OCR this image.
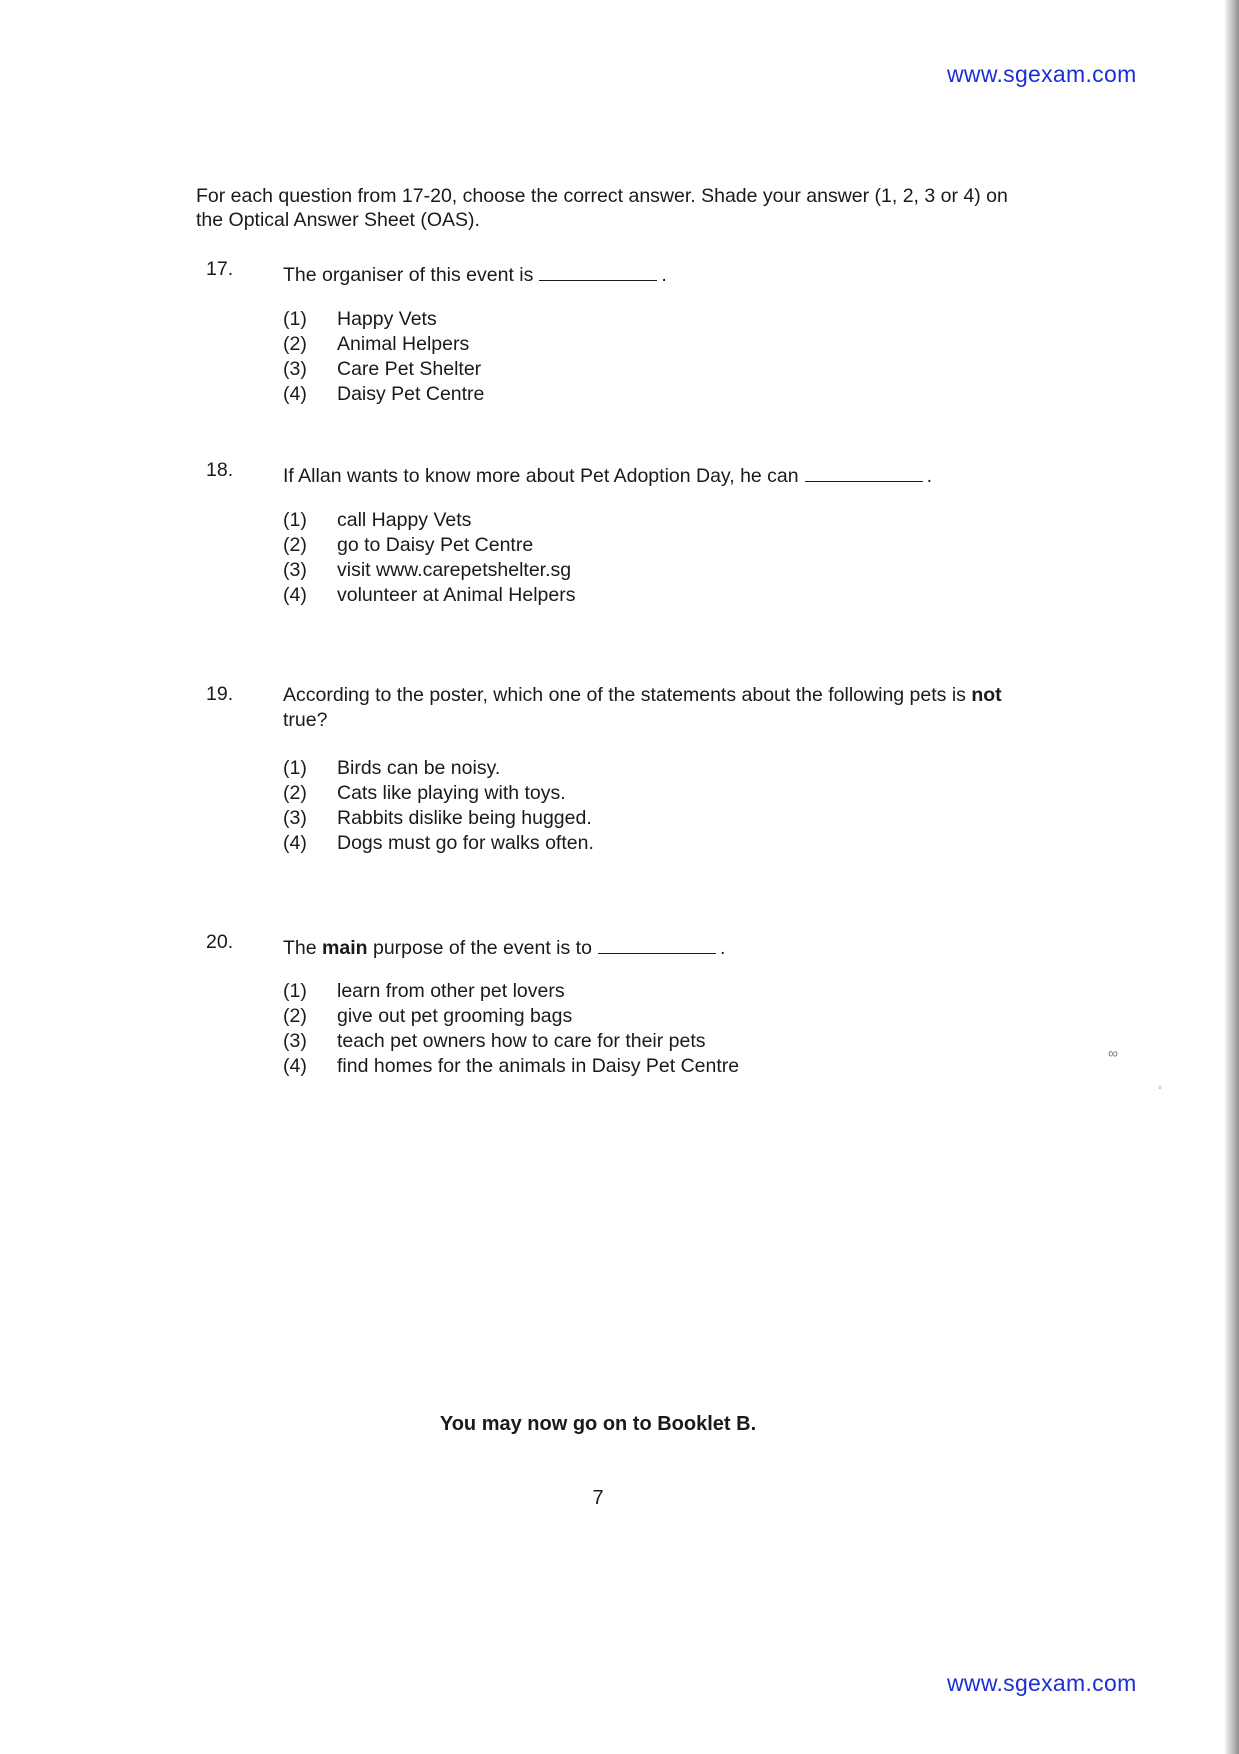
www.sgexam.com
For each question from 17-20, choose the correct answer. Shade your answer (1, 2, 3 or 4) on the Optical Answer Sheet (OAS).
17.	The organiser of this event is	.
(1) Happy Vets
(2) Animal Helpers
(3) Care Pet Shelter
(4) Daisy Pet Centre
18.	If Allan wants to know more about Pet Adoption Day, he can	.
(1) call Happy Vets
(2) go to Daisy Pet Centre
(3) visit www.carepetshelter.sg
(4) volunteer at Animal Helpers
19.	According to the poster, which one of the statements about the following pets is not true?
(1) Birds can be noisy.
(2) Cats like playing with toys.
(3) Rabbits dislike being hugged.
(4) Dogs must go for walks often.
20.	The main purpose of the event is to	.
(1) learn from other pet lovers
(2) give out pet grooming bags
(3) teach pet owners how to care for their pets
(4) find homes for the animals in Daisy Pet Centre
You may now go on to Booklet B.
7
www.sgexam.com
∞
◦
